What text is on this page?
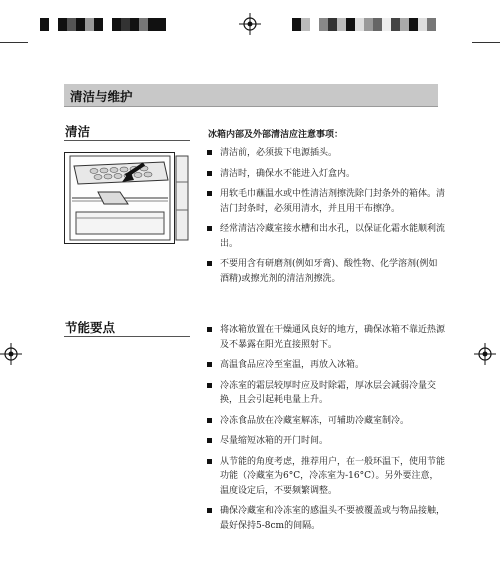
清洁与维护
清洁	冰箱内部及外部清洁应注意事项：
清洁前，必须拔下电源插头。
清洁时，确保水不能进入灯盒内。
用软毛巾蘸温水或中性清洁剂擦洗除门封条外的箱体。清洁门封条时，必须用清水，并且用干布擦净。
经常清洁冷藏室接水槽和出水孔，以保证化霜水能顺利流出。
不要用含有研磨剂(例如牙膏)、酸性物、化学溶剂(例如酒精)或擦光剂的清洁剂擦洗。
节能要点	将冰箱放置在干燥通风良好的地方，确保冰箱不靠近热源及不暴露在阳光直接照射下。
高温食品应冷至室温，再放入冰箱。
冷冻室的霜层较厚时应及时除霜，厚冰层会减弱冷量交换，且会引起耗电量上升。
冷冻食品放在冷藏室解冻，可辅助冷藏室制冷。
尽量缩短冰箱的开门时间。
从节能的角度考虑，推荐用户，在一般环温下，使用节能功能（冷藏室为6°C，冷冻室为-16°C）。另外要注意，温度设定后，不要频繁调整。
确保冷藏室和冷冻室的感温头不要被覆盖或与物品接触，最好保持5-8cm的间隔。
